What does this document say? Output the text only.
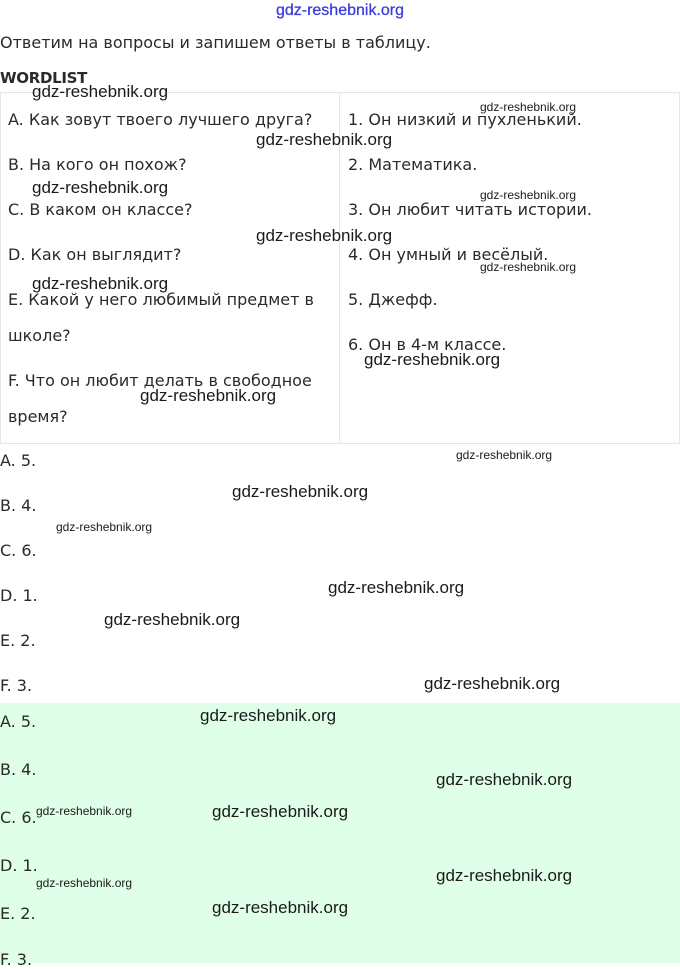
gdz-reshebnik.org
Ответим на вопросы и запишем ответы в таблицу.
WORDLIST
A. Как зовут твоего лучшего друга?
B. На кого он похож?
C. В каком он классе?
D. Как он выглядит?
E. Какой у него любимый предмет в
школе?
F. Что он любит делать в свободное
время?
1. Он низкий и пухленький.
2. Математика.
3. Он любит читать истории.
4. Он умный и весёлый.
5. Джефф.
6. Он в 4-м классе.
A. 5.
B. 4.
C. 6.
D. 1.
E. 2.
F. 3.
A. 5.
B. 4.
C. 6.
D. 1.
E. 2.
F. 3.
gdz-reshebnik.org
gdz-reshebnik.org
gdz-reshebnik.org
gdz-reshebnik.org	gdz-reshebnik.org
gdz-reshebnik.org
gdz-reshebnik.org
gdz-reshebnik.org
gdz-reshebnik.org
gdz-reshebnik.org
gdz-reshebnik.org
gdz-reshebnik.org
gdz-reshebnik.org
gdz-reshebnik.org
gdz-reshebnik.org
gdz-reshebnik.org
gdz-reshebnik.org
gdz-reshebnik.org
gdz-reshebnik.org	gdz-reshebnik.org
gdz-reshebnik.org
gdz-reshebnik.org
gdz-reshebnik.org
